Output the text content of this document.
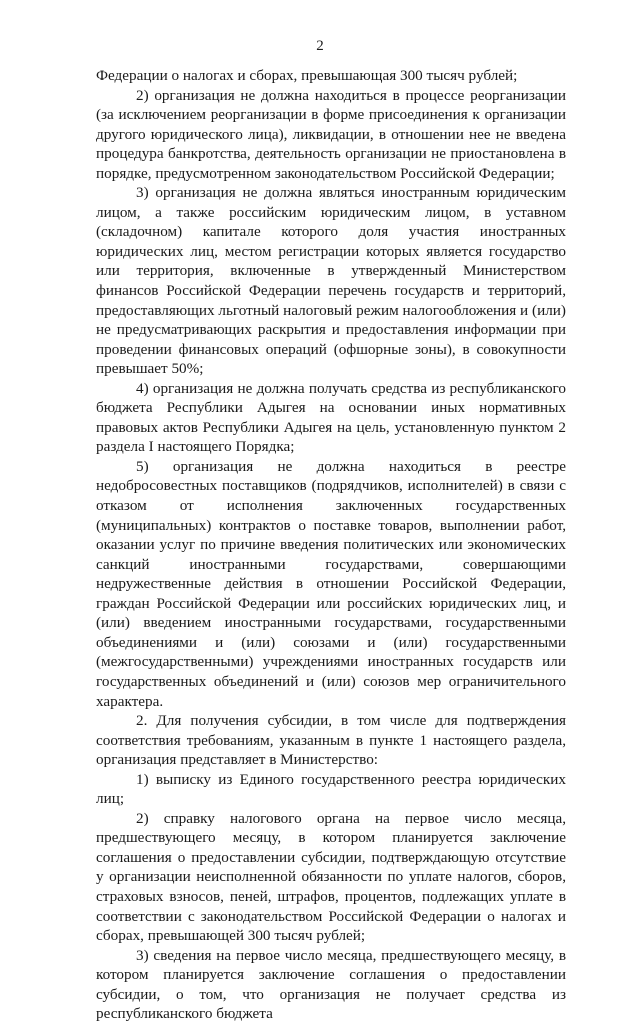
2

Федерации о налогах и сборах, превышающая 300 тысяч рублей;

2) организация не должна находиться в процессе реорганизации (за исключением реорганизации в форме присоединения к организации другого юридического лица), ликвидации, в отношении нее не введена процедура банкротства, деятельность организации не приостановлена в порядке, предусмотренном законодательством Российской Федерации;

3) организация не должна являться иностранным юридическим лицом, а также российским юридическим лицом, в уставном (складочном) капитале которого доля участия иностранных юридических лиц, местом регистрации которых является государство или территория, включенные в утвержденный Министерством финансов Российской Федерации перечень государств и территорий, предоставляющих льготный налоговый режим налогообложения и (или) не предусматривающих раскрытия и предоставления информации при проведении финансовых операций (офшорные зоны), в совокупности превышает 50%;

4) организация не должна получать средства из республиканского бюджета Республики Адыгея на основании иных нормативных правовых актов Республики Адыгея на цель, установленную пунктом 2 раздела I настоящего Порядка;

5) организация не должна находиться в реестре недобросовестных поставщиков (подрядчиков, исполнителей) в связи с отказом от исполнения заключенных государственных (муниципальных) контрактов о поставке товаров, выполнении работ, оказании услуг по причине введения политических или экономических санкций иностранными государствами, совершающими недружественные действия в отношении Российской Федерации, граждан Российской Федерации или российских юридических лиц, и (или) введением иностранными государствами, государственными объединениями и (или) союзами и (или) государственными (межгосударственными) учреждениями иностранных государств или государственных объединений и (или) союзов мер ограничительного характера.

2. Для получения субсидии, в том числе для подтверждения соответствия требованиям, указанным в пункте 1 настоящего раздела, организация представляет в Министерство:

1) выписку из Единого государственного реестра юридических лиц;

2) справку налогового органа на первое число месяца, предшествующего месяцу, в котором планируется заключение соглашения о предоставлении субсидии, подтверждающую отсутствие у организации неисполненной обязанности по уплате налогов, сборов, страховых взносов, пеней, штрафов, процентов, подлежащих уплате в соответствии с законодательством Российской Федерации о налогах и сборах, превышающей 300 тысяч рублей;

3) сведения на первое число месяца, предшествующего месяцу, в котором планируется заключение соглашения о предоставлении субсидии, о том, что организация не получает средства из республиканского бюджета
